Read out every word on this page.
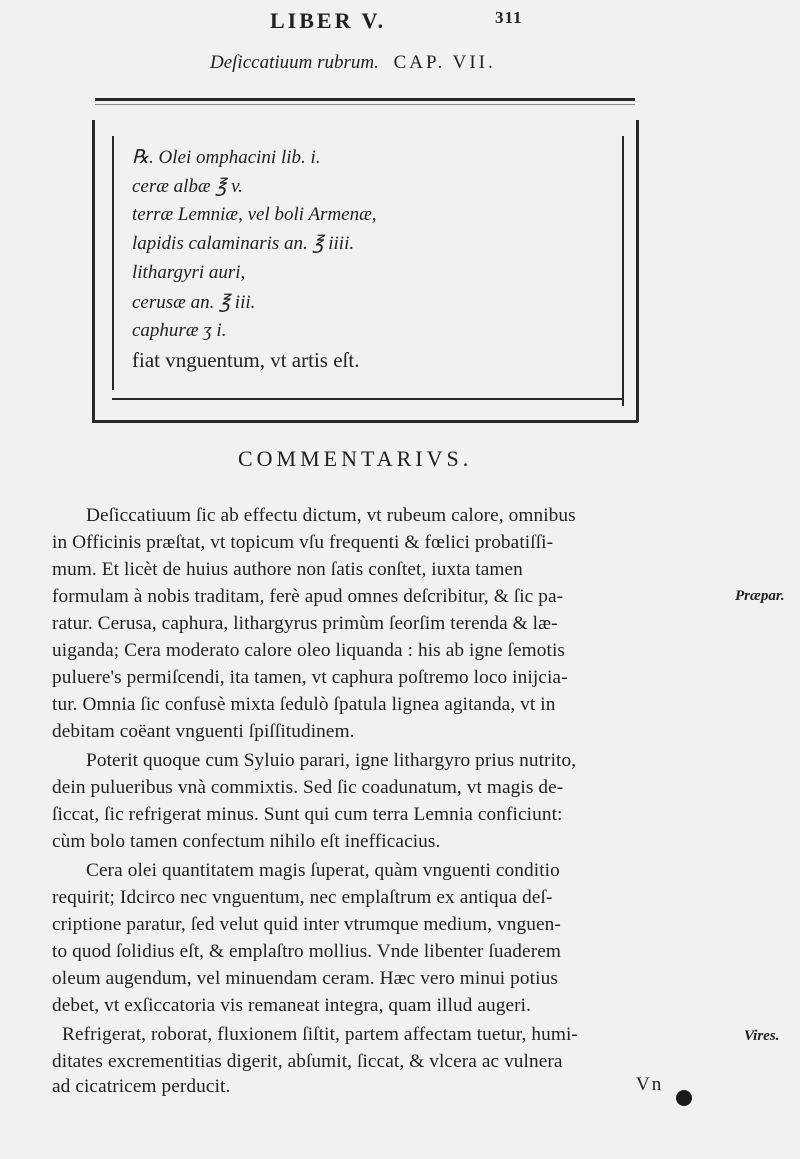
LIBER V.	311
Deſiccatiuum rubrum. CAP. VII.
℞. Olei omphacini lib. i.
ceræ albæ ℥ v.
terræ Lemniæ, vel boli Armenæ,
lapidis calaminaris an. ℥ iiii.
lithargyri auri,
cerusæ an. ℥ iii.
caphuræ ʒ i.
fiat vnguentum, vt artis eſt.
COMMENTARIVS.
Deſiccatiuum ſic ab effectu dictum, vt rubeum calore, omnibus
in Officinis præſtat, vt topicum vſu frequenti & fœlici probatiſſi-
mum. Et licèt de huius authore non ſatis conſtet, iuxta tamen
formulam à nobis traditam, ferè apud omnes deſcribitur, & ſic pa-
ratur. Cerusa, caphura, lithargyrus primùm ſeorſim terenda & læ-
uiganda; Cera moderato calore oleo liquanda : his ab igne ſemotis
puluere's permiſcendi, ita tamen, vt caphura poſtremo loco inijcia-
tur. Omnia ſic confusè mixta ſedulò ſpatula lignea agitanda, vt in
debitam coëant vnguenti ſpiſſitudinem.
Poterit quoque cum Syluio parari, igne lithargyro prius nutrito,
dein pulueribus vnà commixtis. Sed ſic coadunatum, vt magis de-
ſiccat, ſic refrigerat minus. Sunt qui cum terra Lemnia conficiunt:
cùm bolo tamen confectum nihilo eſt inefficacius.
Cera olei quantitatem magis ſuperat, quàm vnguenti conditio
requirit; Idcirco nec vnguentum, nec emplaſtrum ex antiqua deſ-
criptione paratur, ſed velut quid inter vtrumque medium, vnguen-
to quod ſolidius eſt, & emplaſtro mollius. Vnde libenter ſuaderem
oleum augendum, vel minuendam ceram. Hæc vero minui potius
debet, vt exſiccatoria vis remaneat integra, quam illud augeri.
Refrigerat, roborat, fluxionem ſiſtit, partem affectam tuetur, humi-
ditates excrementitias digerit, abſumit, ſiccat, & vlcera ac vulnera
ad cicatricem perducit.
Præpar.
Vires.
Vn
